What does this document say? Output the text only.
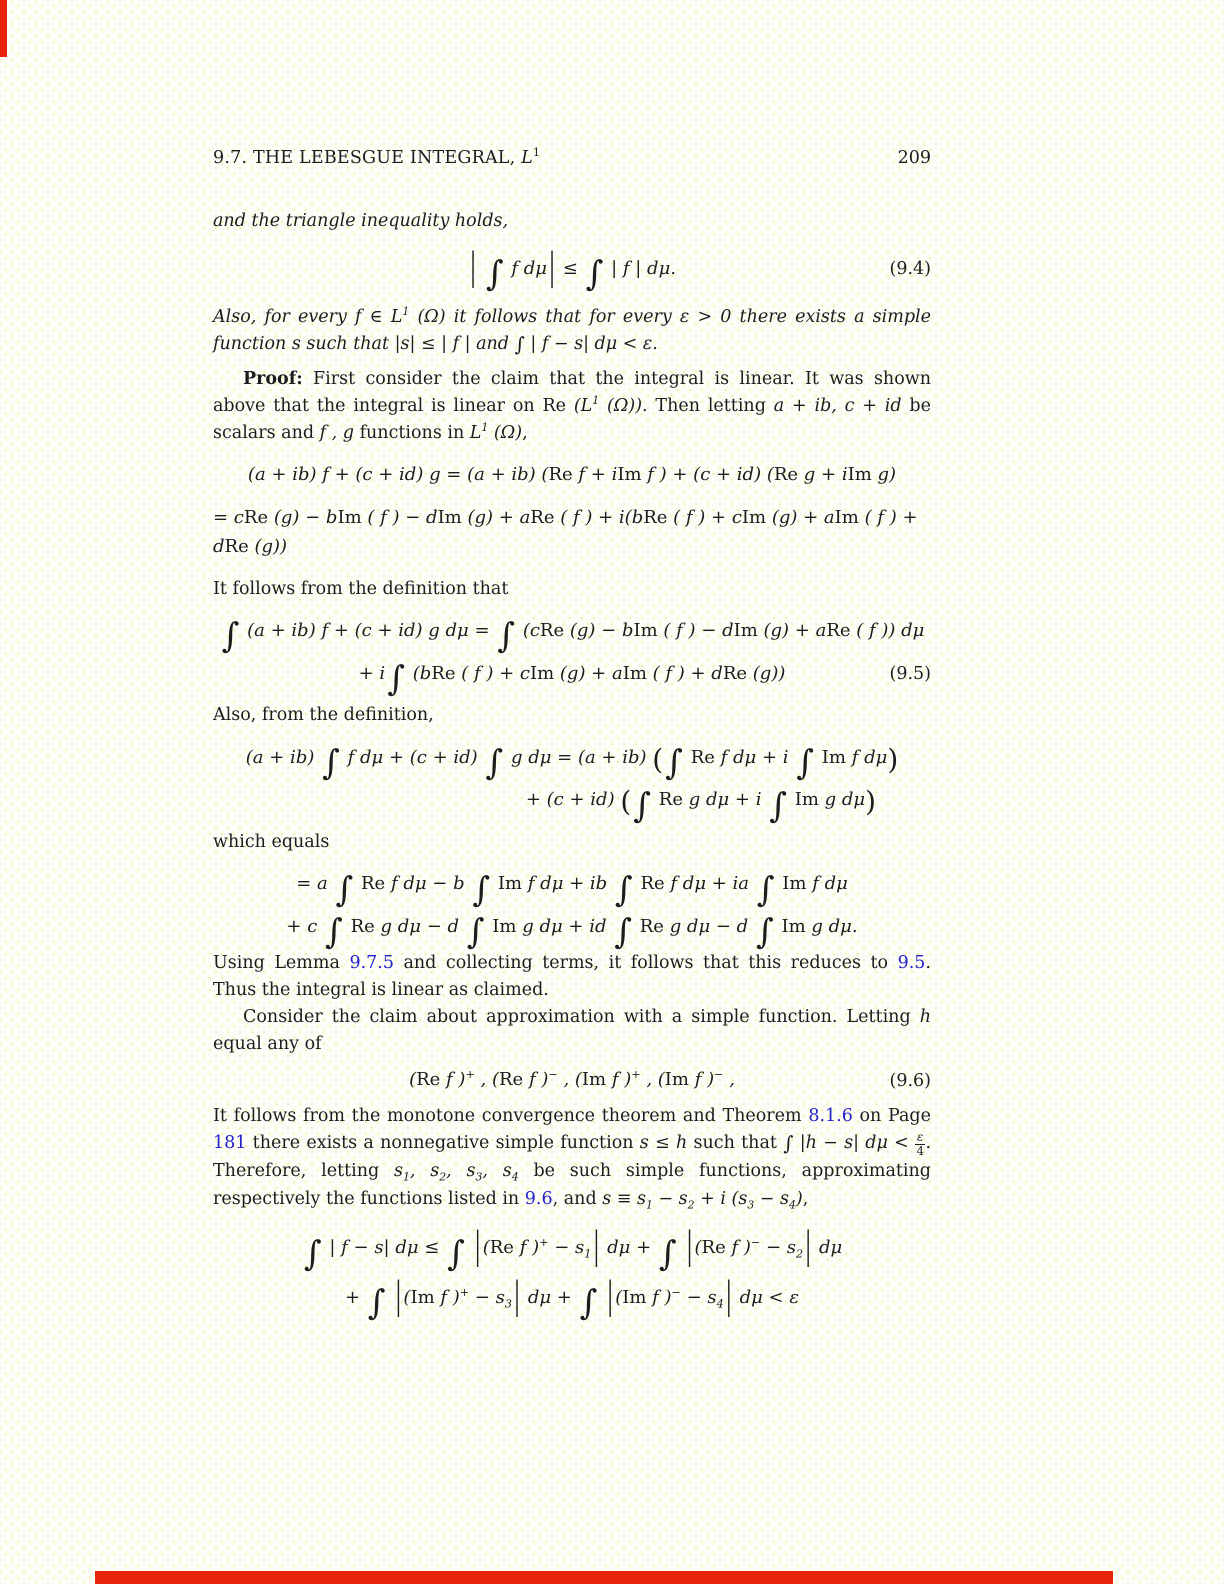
9.7. THE LEBESGUE INTEGRAL, $L^1$	209

and the triangle inequality holds,

| ∫ f dμ | ≤ ∫ | f | dμ.	(9.4)

Also, for every f ∈ $L^1$ (Ω) it follows that for every ε > 0 there exists a simple function s such that |s| ≤ | f | and ∫ | f − s| dμ < ε.

Proof: First consider the claim that the integral is linear. It was shown above that the integral is linear on Re ($L^1$ (Ω)). Then letting a + ib, c + id be scalars and f , g functions in $L^1$ (Ω),

(a + ib) f + (c + id) g = (a + ib) (Re f + iIm f ) + (c + id) (Re g + iIm g)
= cRe (g) − bIm ( f ) − dIm (g) + aRe ( f ) + i(bRe ( f ) + cIm (g) + aIm ( f ) + dRe (g))

It follows from the definition that

∫ (a + ib) f + (c + id) g dμ = ∫ (cRe (g) − bIm ( f ) − dIm (g) + aRe ( f )) dμ
+ i∫ (bRe ( f ) + cIm (g) + aIm ( f ) + dRe (g))	(9.5)

Also, from the definition,

(a + ib) ∫ f dμ + (c + id) ∫ g dμ = (a + ib) (∫ Re f dμ + i ∫ Im f dμ)
+ (c + id) (∫ Re g dμ + i ∫ Im g dμ)

which equals

= a ∫ Re f dμ − b ∫ Im f dμ + ib ∫ Re f dμ + ia ∫ Im f dμ
+ c ∫ Re g dμ − d ∫ Im g dμ + id ∫ Re g dμ − d ∫ Im g dμ.

Using Lemma 9.7.5 and collecting terms, it follows that this reduces to 9.5. Thus the integral is linear as claimed.

Consider the claim about approximation with a simple function. Letting h equal any of

(Re f )+ , (Re f )− , (Im f )+ , (Im f )− ,	(9.6)

It follows from the monotone convergence theorem and Theorem 8.1.6 on Page 181 there exists a nonnegative simple function s ≤ h such that ∫ |h − s| $d\mu < \frac{\varepsilon}{4}$ . Therefore, letting $s_1$, $s_2$, $s_3$, $s_4$ be such simple functions, approximating respectively the functions listed in 9.6, and $s \equiv s_1 - s_2 + i$ $(s_3 - s_4)$,

∫ | f − s| dμ ≤ ∫ | (Re f )$^+ - s_1$ | dμ + ∫ | (Re f )$^- - s_2$ | dμ
+ ∫ | (Im f )$^+ - s_3$ | dμ + ∫ | (Im f )$^- - s_4$ | dμ < ε
